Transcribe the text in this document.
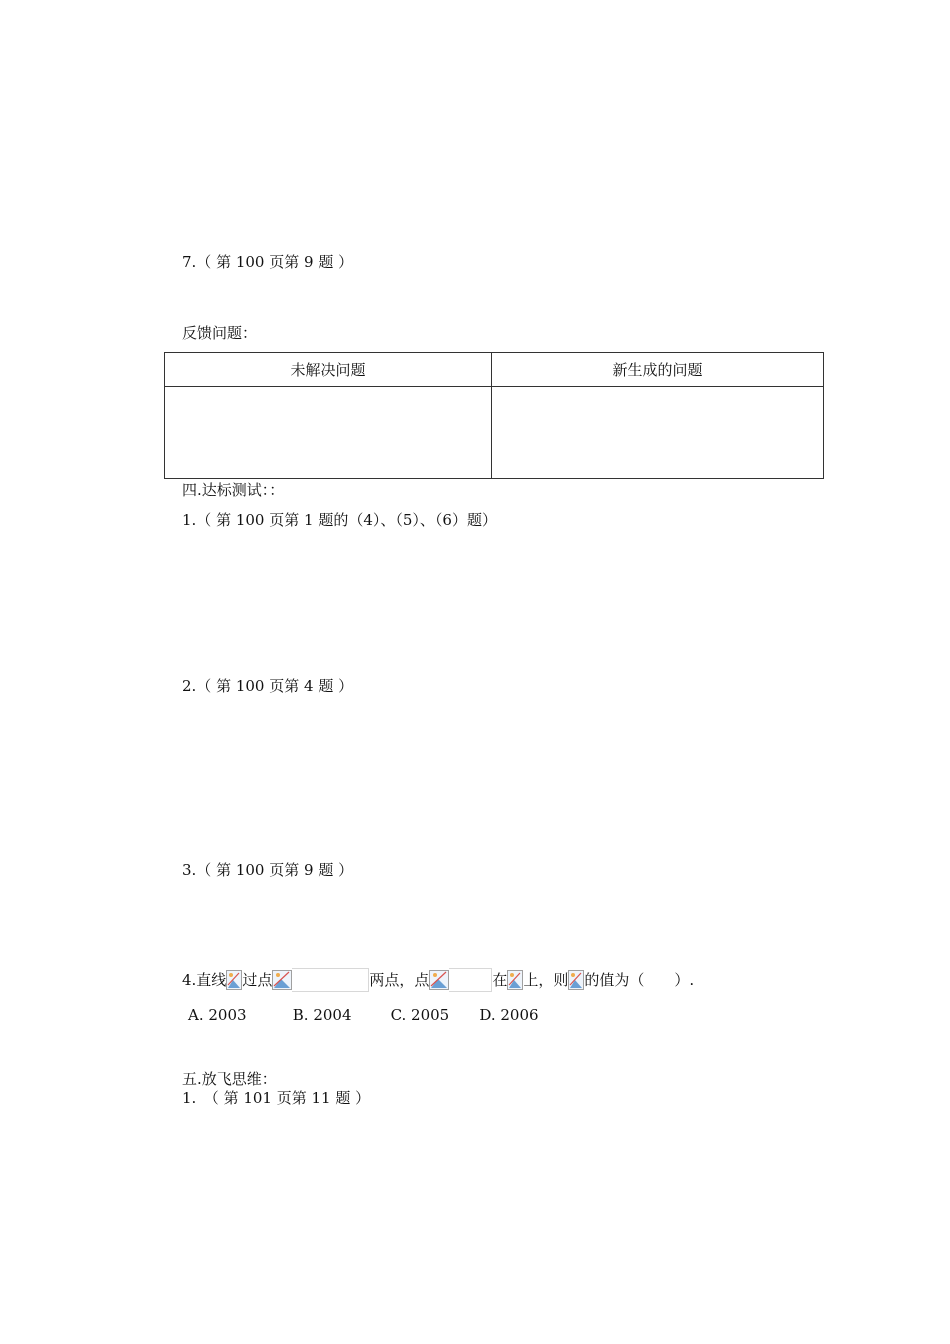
7.（ 第 100 页第 9 题 ）
反馈问题：
未解决问题	新生成的问题

四.达标测试：：
1.（ 第 100 页第 1 题的（4）、（5）、（6）题）
2.（ 第 100 页第 4 题 ）
3.（ 第 100 页第 9 题 ）
4.直线 过点	两点，点	在 上，则 的值为（　　）.
A. 2003	B. 2004	C. 2005 D. 2006
五.放飞思维：
1.　（ 第 101 页第 11 题 ）
